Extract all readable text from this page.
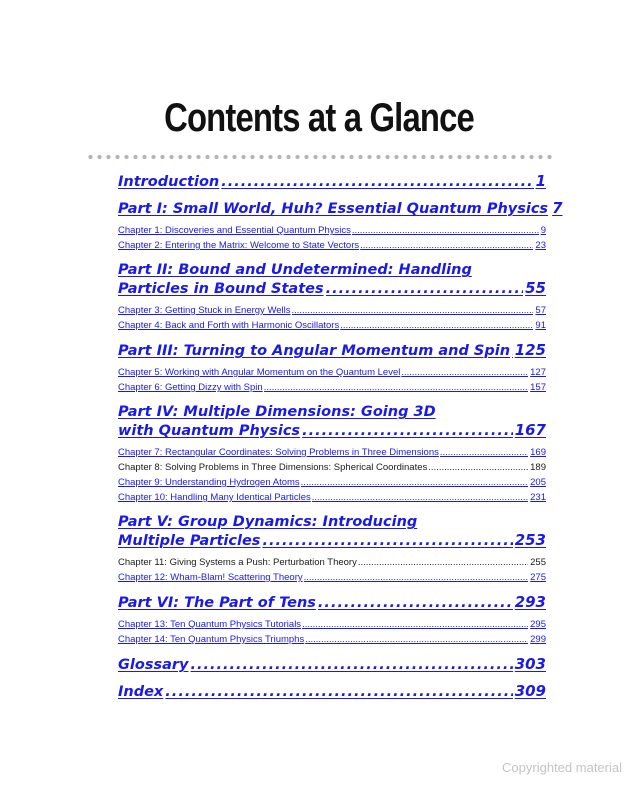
Contents at a Glance
Introduction .....	1
Part I: Small World, Huh? Essential Quantum Physics 7
Chapter 1: Discoveries and Essential Quantum Physics .....	9
Chapter 2: Entering the Matrix: Welcome to State Vectors .....	23
Part II: Bound and Undetermined: Handling
Particles in Bound States .....	55
Chapter 3: Getting Stuck in Energy Wells .....	57
Chapter 4: Back and Forth with Harmonic Oscillators .....	91
Part III: Turning to Angular Momentum and Spin ..... 125
Chapter 5: Working with Angular Momentum on the Quantum Level .....	127
Chapter 6: Getting Dizzy with Spin .....	157
Part IV: Multiple Dimensions: Going 3D
with Quantum Physics .....	167
Chapter 7: Rectangular Coordinates: Solving Problems in Three Dimensions .....	169
Chapter 8: Solving Problems in Three Dimensions: Spherical Coordinates .....	189
Chapter 9: Understanding Hydrogen Atoms .....	205
Chapter 10: Handling Many Identical Particles .....	231
Part V: Group Dynamics: Introducing
Multiple Particles .....	253
Chapter 11: Giving Systems a Push: Perturbation Theory .....	255
Chapter 12: Wham-Blam! Scattering Theory .....	275
Part VI: The Part of Tens .....	293
Chapter 13: Ten Quantum Physics Tutorials .....	295
Chapter 14: Ten Quantum Physics Triumphs .....	299
Glossary .....	303
Index .....	309
Copyrighted material
